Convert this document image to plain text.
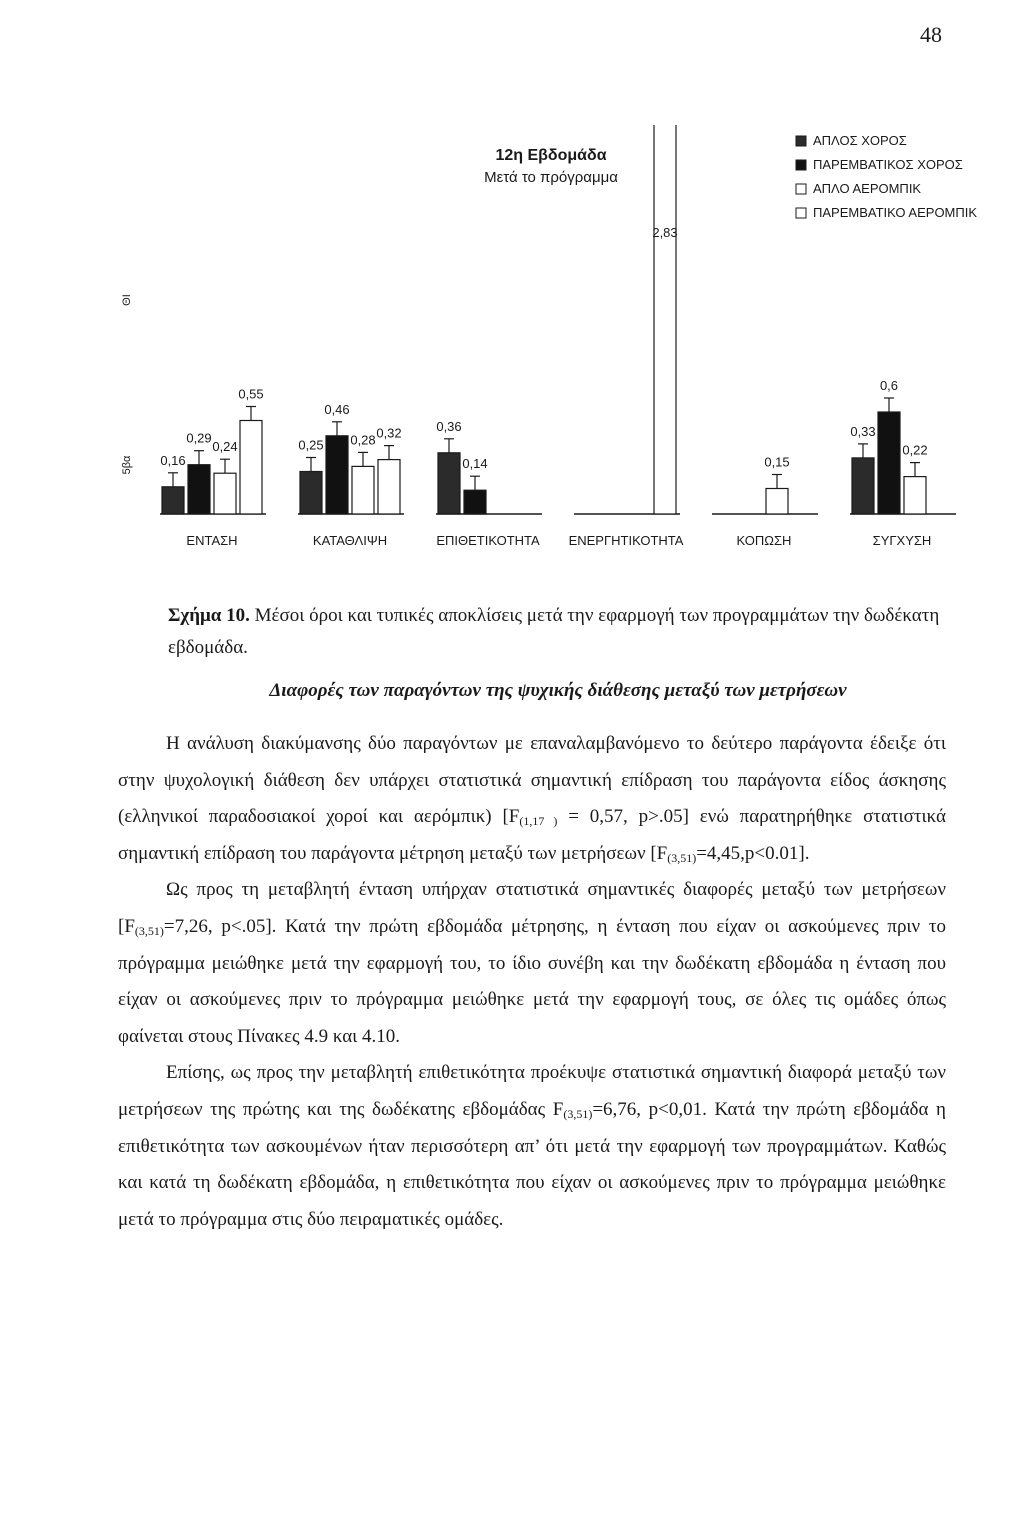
48
ΕΝΤΑΣΗ	ΚΑΤΑΘΛΙΨΗ	ΕΠΙΘΕΤΙΚΟΤΗΤΑ ΕΝΕΡΓΗΤΙΚΟΤΗΤΑ	ΚΟΠΩΣΗ	ΣΥΓΧΥΣΗ
5βα
ΘΙ
0,16
0,29
0,24
0,55
0,25
0,46
0,28 0,32	0,36
0,14
2,83
0,15
0,33
0,6
0,22
ΑΠΛΟΣ ΧΟΡΟΣ
ΠΑΡΕΜΒΑΤΙΚΟΣ ΧΟΡΟΣ
ΑΠΛΟ ΑΕΡΟΜΠΙΚ
ΠΑΡΕΜΒΑΤΙΚΟ ΑΕΡΟΜΠΙΚ
12η Εβδομάδα
Μετά το πρόγραμμα
Σχήμα 10. Μέσοι όροι και τυπικές αποκλίσεις μετά την εφαρμογή των προγραμμάτων την δωδέκατη εβδομάδα.
Διαφορές των παραγόντων της ψυχικής διάθεσης μεταξύ των μετρήσεων

Η ανάλυση διακύμανσης δύο παραγόντων με επαναλαμβανόμενο το δεύτερο παράγοντα έδειξε ότι στην ψυχολογική διάθεση δεν υπάρχει στατιστικά σημαντική επίδραση του παράγοντα είδος άσκησης (ελληνικοί παραδοσιακοί χοροί και αερόμπικ) [$F_{(1,17 )} = 0,57$, p>.05] ενώ παρατηρήθηκε στατιστικά σημαντική επίδραση του παράγοντα μέτρηση μεταξύ των μετρήσεων $[F_{(3,51)}=4,45,p<0.01]$.

Ως προς τη μεταβλητή ένταση υπήρχαν στατιστικά σημαντικές διαφορές μεταξύ των μετρήσεων [$F_{(3,51)}=7,26$, p<.05]. Κατά την πρώτη εβδομάδα μέτρησης, η ένταση που είχαν οι ασκούμενες πριν το πρόγραμμα μειώθηκε μετά την εφαρμογή του, το ίδιο συνέβη και την δωδέκατη εβδομάδα η ένταση που είχαν οι ασκούμενες πριν το πρόγραμμα μειώθηκε μετά την εφαρμογή τους, σε όλες τις ομάδες όπως φαίνεται στους Πίνακες 4.9 και 4.10.

Επίσης, ως προς την μεταβλητή επιθετικότητα προέκυψε στατιστικά σημαντική διαφορά μεταξύ των μετρήσεων της πρώτης και της δωδέκατης εβδομάδας $F_{(3,51)}=6,76$, p<0,01. Κατά την πρώτη εβδομάδα η επιθετικότητα των ασκουμένων ήταν περισσότερη απ’ ότι μετά την εφαρμογή των προγραμμάτων. Καθώς και κατά τη δωδέκατη εβδομάδα, η επιθετικότητα που είχαν οι ασκούμενες πριν το πρόγραμμα μειώθηκε μετά το πρόγραμμα στις δύο πειραματικές ομάδες.
